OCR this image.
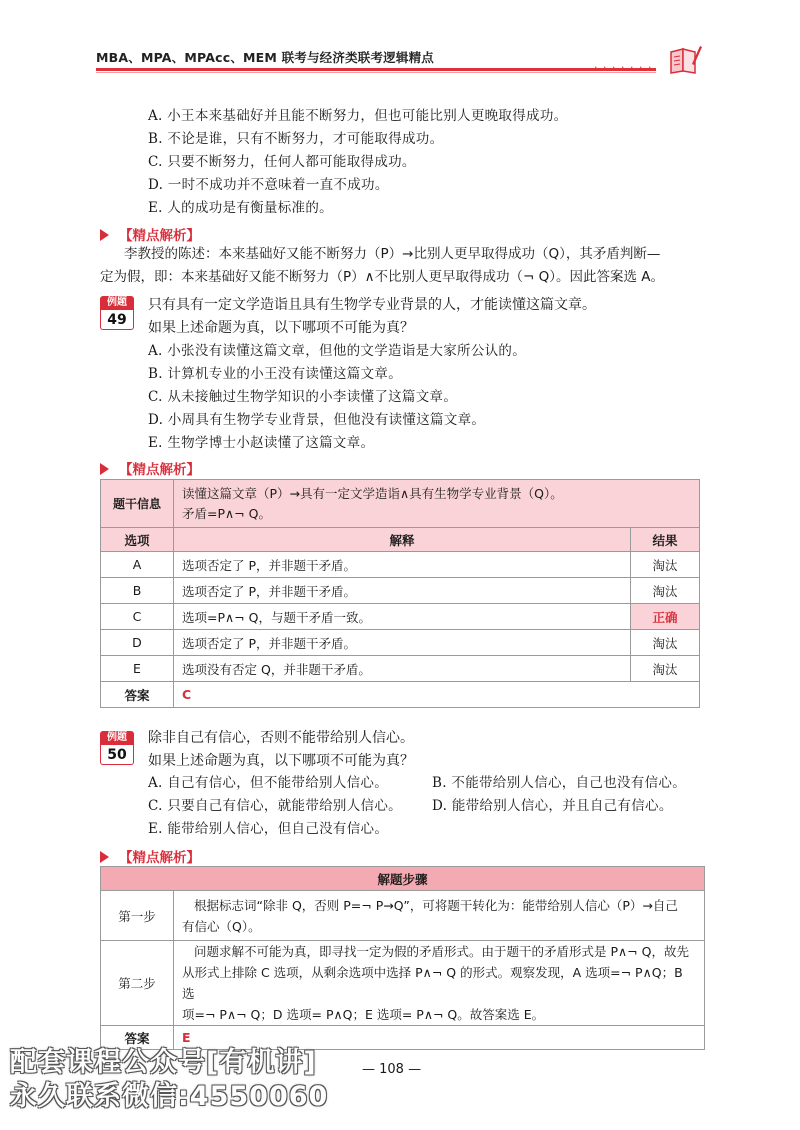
MBA、MPA、MPAcc、MEM 联考与经济类联考逻辑精点
· · · · · · ·
A. 小王本来基础好并且能不断努力，但也可能比别人更晚取得成功。
B. 不论是谁，只有不断努力，才可能取得成功。
C. 只要不断努力，任何人都可能取得成功。
D. 一时不成功并不意味着一直不成功。
E. 人的成功是有衡量标准的。
【精点解析】
李教授的陈述：本来基础好又能不断努力（P）→比别人更早取得成功（Q），其矛盾判断—
定为假，即：本来基础好又能不断努力（P）∧不比别人更早取得成功（¬ Q）。因此答案选 A。
例题
49
只有具有一定文学造诣且具有生物学专业背景的人，才能读懂这篇文章。
如果上述命题为真，以下哪项不可能为真？
A. 小张没有读懂这篇文章，但他的文学造诣是大家所公认的。
B. 计算机专业的小王没有读懂这篇文章。
C. 从未接触过生物学知识的小李读懂了这篇文章。
D. 小周具有生物学专业背景，但他没有读懂这篇文章。
E. 生物学博士小赵读懂了这篇文章。
【精点解析】
题干信息	读懂这篇文章（P）→具有一定文学造诣∧具有生物学专业背景（Q）。
矛盾=P∧¬ Q。	

选项	解释	结果
A	选项否定了 P，并非题干矛盾。	淘汰
B	选项否定了 P，并非题干矛盾。	淘汰
C	选项=P∧¬ Q，与题干矛盾一致。	正确
D	选项否定了 P，并非题干矛盾。	淘汰
E	选项没有否定 Q，并非题干矛盾。	淘汰
答案	C	
例题
50
除非自己有信心，否则不能带给别人信心。
如果上述命题为真，以下哪项不可能为真？
A. 自己有信心，但不能带给别人信心。	B. 不能带给别人信心，自己也没有信心。
C. 只要自己有信心，就能带给别人信心。 D. 能带给别人信心，并且自己有信心。
E. 能带给别人信心，但自己没有信心。
【精点解析】
解题步骤	
第一步	根据标志词“除非 Q，否则 P=¬ P→Q”，可将题干转化为：能带给别人信心（P）→自己
有信心（Q）。

第二步	问题求解不可能为真，即寻找一定为假的矛盾形式。由于题干的矛盾形式是 P∧¬ Q，故先
从形式上排除 C 选项，从剩余选项中选择 P∧¬ Q 的形式。观察发现，A 选项=¬ P∧Q；B 选
项=¬ P∧¬ Q；D 选项= P∧Q；E 选项= P∧¬ Q。故答案选 E。

答案	E
— 108 —
配套课程公众号[有机讲]
永久联系微信:4550060
